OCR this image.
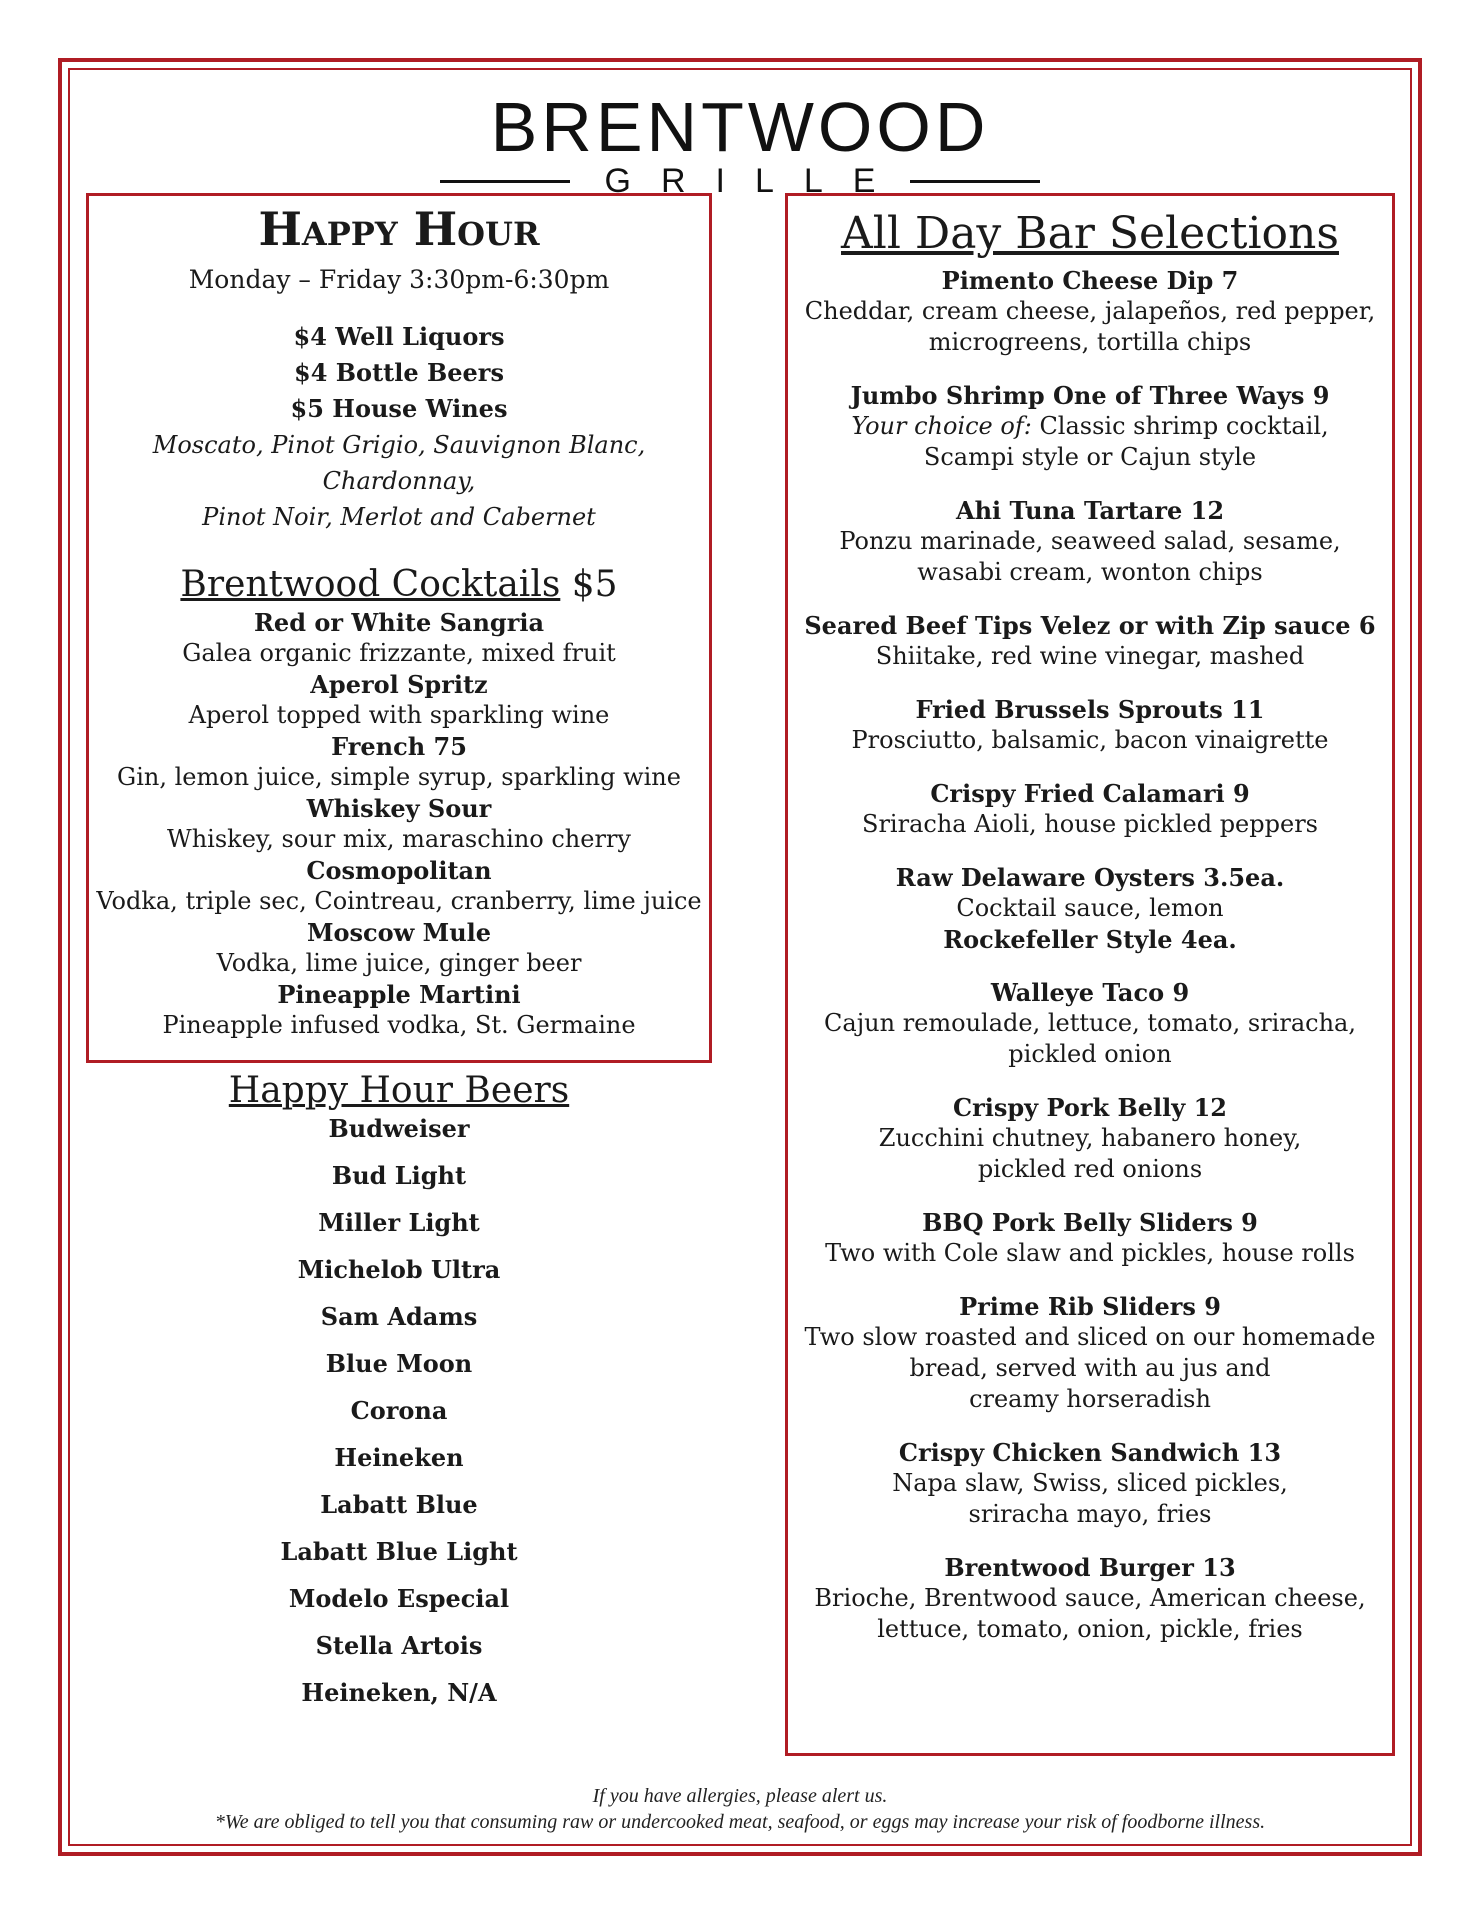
BRENTWOOD
GRILLE
Happy Hour
Monday – Friday 3:30pm-6:30pm
$4 Well Liquors
$4 Bottle Beers
$5 House Wines
Moscato, Pinot Grigio, Sauvignon Blanc, Chardonnay,
Pinot Noir, Merlot and Cabernet
Brentwood Cocktails $5
Red or White Sangria
Galea organic frizzante, mixed fruit
Aperol Spritz
Aperol topped with sparkling wine
French 75
Gin, lemon juice, simple syrup, sparkling wine
Whiskey Sour
Whiskey, sour mix, maraschino cherry
Cosmopolitan
Vodka, triple sec, Cointreau, cranberry, lime juice
Moscow Mule
Vodka, lime juice, ginger beer
Pineapple Martini
Pineapple infused vodka, St. Germaine
Happy Hour Beers
Budweiser
Bud Light
Miller Light
Michelob Ultra
Sam Adams
Blue Moon
Corona
Heineken
Labatt Blue
Labatt Blue Light
Modelo Especial
Stella Artois
Heineken, N/A
All Day Bar Selections
Pimento Cheese Dip 7
Cheddar, cream cheese, jalapeños, red pepper,
microgreens, tortilla chips
Jumbo Shrimp One of Three Ways 9
Your choice of: Classic shrimp cocktail,
Scampi style or Cajun style
Ahi Tuna Tartare 12
Ponzu marinade, seaweed salad, sesame,
wasabi cream, wonton chips
Seared Beef Tips Velez or with Zip sauce 6
Shiitake, red wine vinegar, mashed
Fried Brussels Sprouts 11
Prosciutto, balsamic, bacon vinaigrette
Crispy Fried Calamari 9
Sriracha Aioli, house pickled peppers
Raw Delaware Oysters 3.5ea.
Cocktail sauce, lemon
Rockefeller Style 4ea.
Walleye Taco 9
Cajun remoulade, lettuce, tomato, sriracha,
pickled onion
Crispy Pork Belly 12
Zucchini chutney, habanero honey,
pickled red onions
BBQ Pork Belly Sliders 9
Two with Cole slaw and pickles, house rolls
Prime Rib Sliders 9
Two slow roasted and sliced on our homemade
bread, served with au jus and
creamy horseradish
Crispy Chicken Sandwich 13
Napa slaw, Swiss, sliced pickles,
sriracha mayo, fries
Brentwood Burger 13
Brioche, Brentwood sauce, American cheese,
lettuce, tomato, onion, pickle, fries
If you have allergies, please alert us.
*We are obliged to tell you that consuming raw or undercooked meat, seafood, or eggs may increase your risk of foodborne illness.
